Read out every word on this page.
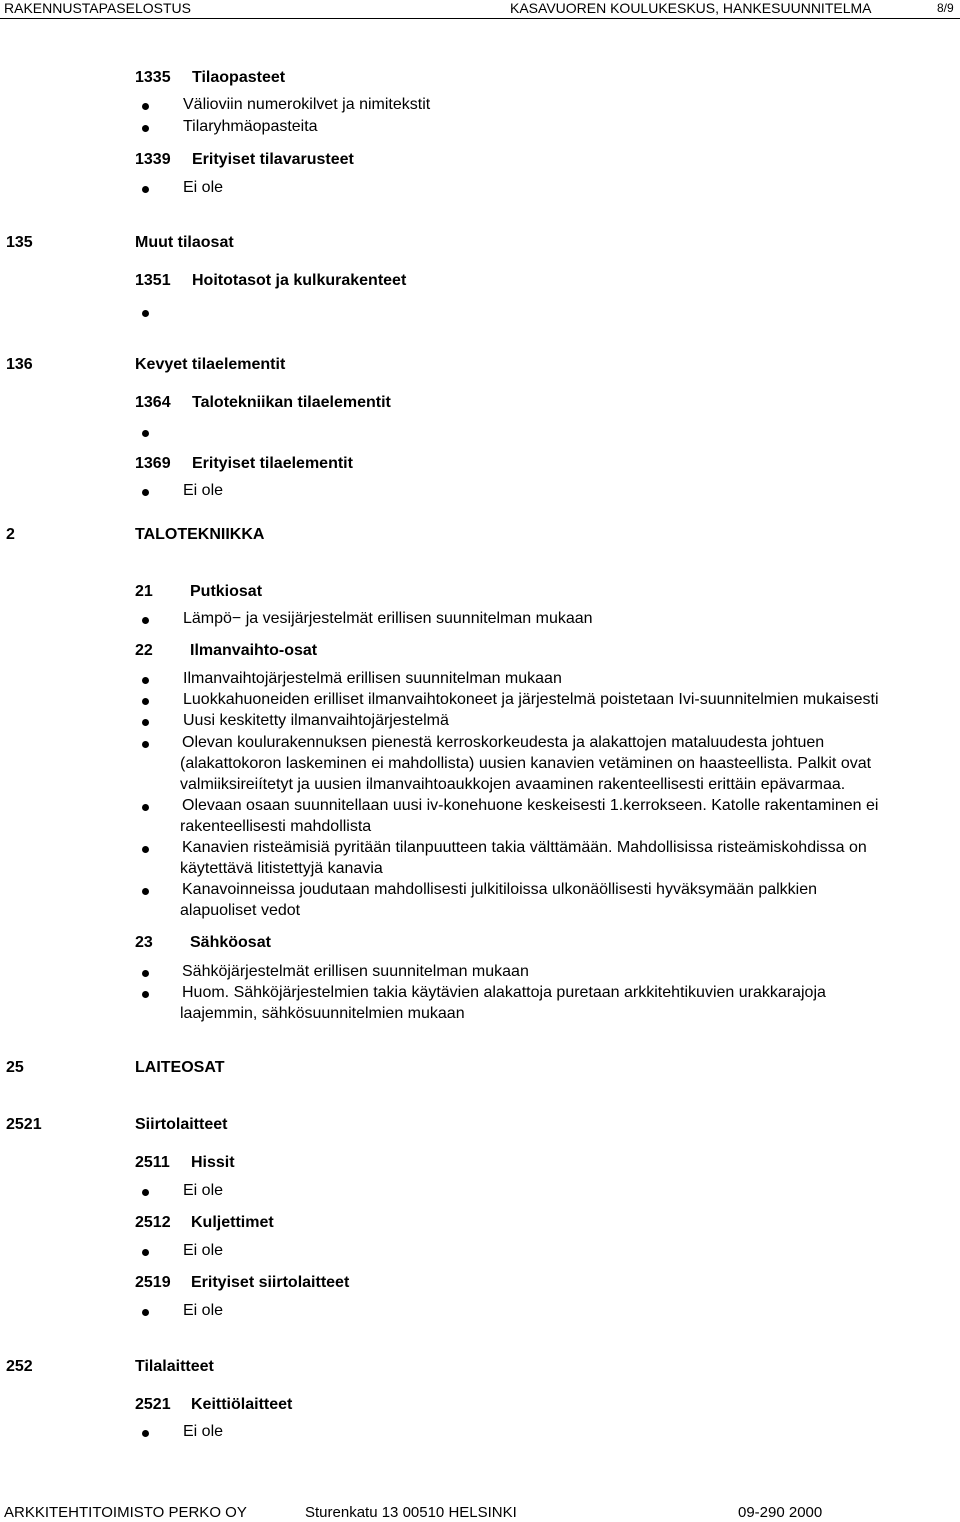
RAKENNUSTAPASELOSTUS	KASAVUOREN KOULUKESKUS, HANKESUUNNITELMA	8/9
1335 Tilaopasteet
Välioviin numerokilvet ja nimitekstit
Tilaryhmäopasteita
1339 Erityiset tilavarusteet
Ei ole
135	Muut tilaosat
1351 Hoitotasot ja kulkurakenteet
136	Kevyet tilaelementit
1364 Talotekniikan tilaelementit
1369 Erityiset tilaelementit
Ei ole
2	TALOTEKNIIKKA
21 Putkiosat
Lämpö− ja vesijärjestelmät erillisen suunnitelman mukaan
22 Ilmanvaihto-osat
Ilmanvaihtojärjestelmä erillisen suunnitelman mukaan
Luokkahuoneiden erilliset ilmanvaihtokoneet ja järjestelmä poistetaan Ivi-suunnitelmien mukaisesti
Uusi keskitetty ilmanvaihtojärjestelmä
Olevan koulurakennuksen pienestä kerroskorkeudesta ja alakattojen mataluudesta johtuen
(alakattokoron laskeminen ei mahdollista) uusien kanavien vetäminen on haasteellista. Palkit ovat
valmiiksireiítetyt ja uusien ilmanvaihtoaukkojen avaaminen rakenteellisesti erittäin epävarmaa.
Olevaan osaan suunnitellaan uusi iv-konehuone keskeisesti 1.kerrokseen. Katolle rakentaminen ei
rakenteellisesti mahdollista
Kanavien risteämisiä pyritään tilanpuutteen takia välttämään. Mahdollisissa risteämiskohdissa on
käytettävä litistettyjä kanavia
Kanavoinneissa joudutaan mahdollisesti julkitiloissa ulkonäöllisesti hyväksymään palkkien
alapuoliset vedot
23 Sähköosat
Sähköjärjestelmät erillisen suunnitelman mukaan
Huom. Sähköjärjestelmien takia käytävien alakattoja puretaan arkkitehtikuvien urakkarajoja
laajemmin, sähkösuunnitelmien mukaan
25	LAITEOSAT
2521	Siirtolaitteet
2511 Hissit
Ei ole
2512 Kuljettimet
Ei ole
2519 Erityiset siirtolaitteet
Ei ole
252	Tilalaitteet
2521 Keittiölaitteet
Ei ole
ARKKITEHTITOIMISTO PERKO OY	Sturenkatu 13 00510 HELSINKI	09-290 2000
